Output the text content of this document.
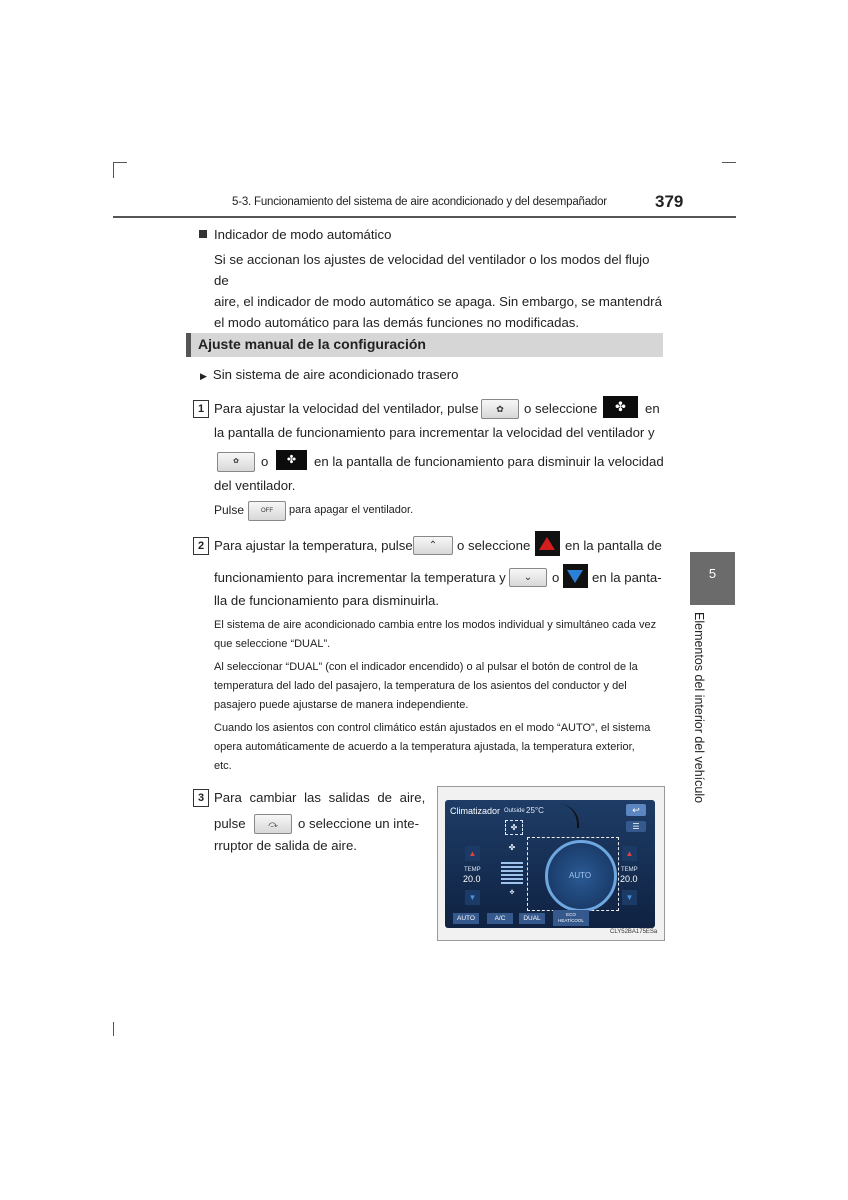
5-3. Funcionamiento del sistema de aire acondicionado y del desempañador	379
5
Elementos del interior del vehículo
Indicador de modo automático
Si se accionan los ajustes de velocidad del ventilador o los modos del flujo de
aire, el indicador de modo automático se apaga. Sin embargo, se mantendrá
el modo automático para las demás funciones no modificadas.
Ajuste manual de la configuración
▶ Sin sistema de aire acondicionado trasero
1 Para ajustar la velocidad del ventilador, pulse	✿	o seleccione	✤	en
la pantalla de funcionamiento para incrementar la velocidad del ventilador y
✿	o	✤	en la pantalla de funcionamiento para disminuir la velocidad
del ventilador.
Pulse	OFF	para apagar el ventilador.
2 Para ajustar la temperatura, pulse	⌃	o seleccione	en la pantalla de
funcionamiento para incrementar la temperatura y	⌄	o en la panta-
lla de funcionamiento para disminuirla.
El sistema de aire acondicionado cambia entre los modos individual y simultáneo cada vez
que seleccione “DUAL”.
Al seleccionar “DUAL” (con el indicador encendido) o al pulsar el botón de control de la
temperatura del lado del pasajero, la temperatura de los asientos del conductor y del
pasajero puede ajustarse de manera independiente.
Cuando los asientos con control climático están ajustados en el modo “AUTO”, el sistema
opera automáticamente de acuerdo a la temperatura ajustada, la temperatura exterior,
etc.
3 Para cambiar las salidas de aire,
pulse	⤼	o seleccione un inte-
rruptor de salida de aire.
Climatizador Outside 25°C	↩
☰
✤
AUTO
▲
TEMP
20.0
▼
✤
✤
▲
TEMP
20.0
▼
AUTO	A/C	DUAL
ECO
HEAT/COOL
CLY52BA175ESa
